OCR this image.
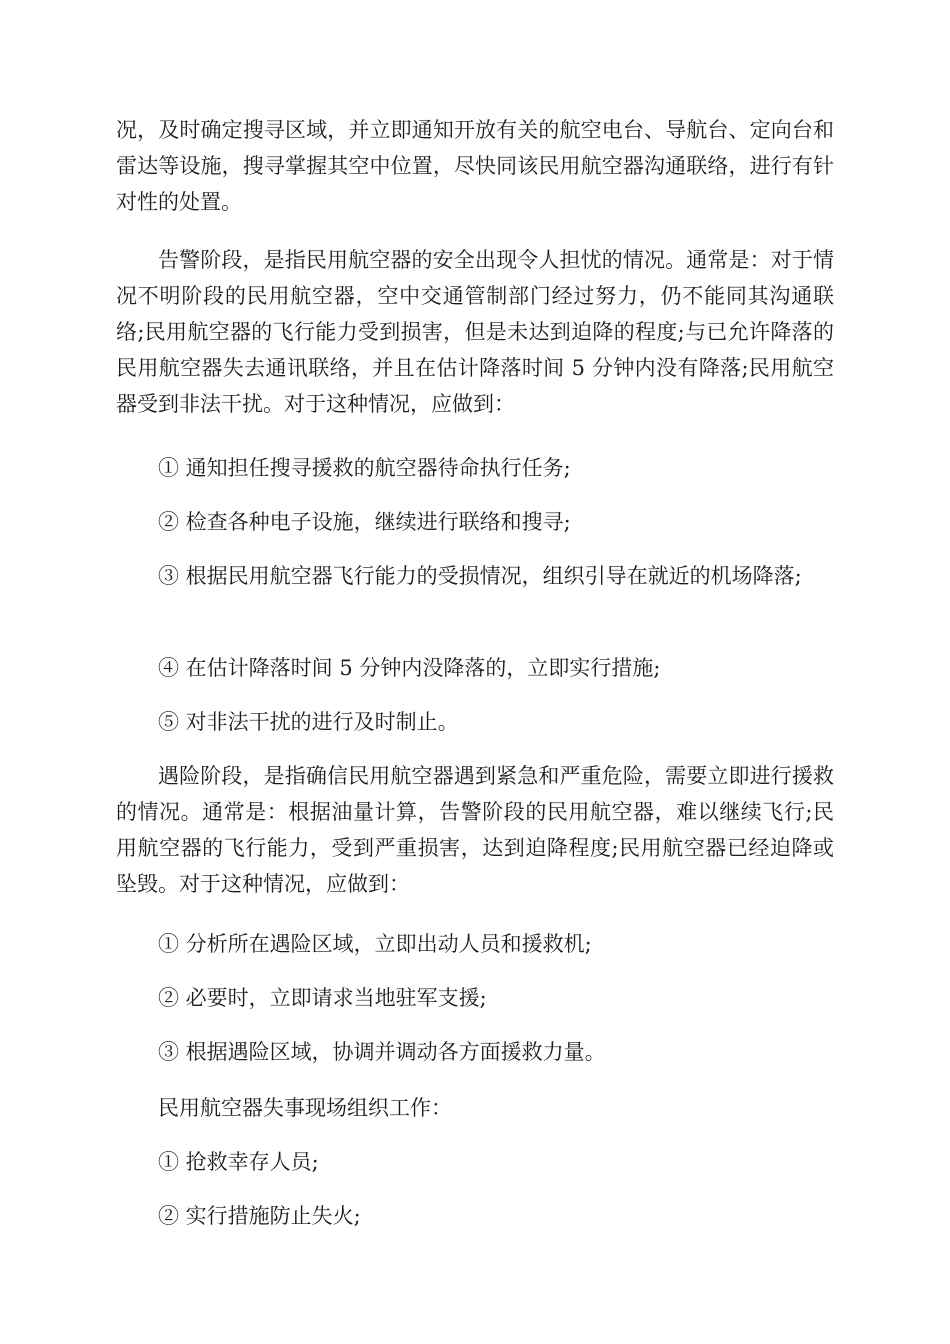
况，及时确定搜寻区域，并立即通知开放有关的航空电台、导航台、定向台和雷达等设施，搜寻掌握其空中位置，尽快同该民用航空器沟通联络，进行有针对性的处置。

告警阶段，是指民用航空器的安全出现令人担忧的情况。通常是：对于情况不明阶段的民用航空器，空中交通管制部门经过努力，仍不能同其沟通联络;民用航空器的飞行能力受到损害，但是未达到迫降的程度;与已允许降落的民用航空器失去通讯联络，并且在估计降落时间 5 分钟内没有降落;民用航空器受到非法干扰。对于这种情况，应做到：

① 通知担任搜寻援救的航空器待命执行任务;

② 检查各种电子设施，继续进行联络和搜寻;

③ 根据民用航空器飞行能力的受损情况，组织引导在就近的机场降落;

④ 在估计降落时间 5 分钟内没降落的，立即实行措施;

⑤ 对非法干扰的进行及时制止。

遇险阶段，是指确信民用航空器遇到紧急和严重危险，需要立即进行援救的情况。通常是：根据油量计算，告警阶段的民用航空器，难以继续飞行;民用航空器的飞行能力，受到严重损害，达到迫降程度;民用航空器已经迫降或坠毁。对于这种情况，应做到：

① 分析所在遇险区域，立即出动人员和援救机;

② 必要时，立即请求当地驻军支援;

③ 根据遇险区域，协调并调动各方面援救力量。

民用航空器失事现场组织工作：

① 抢救幸存人员;

② 实行措施防止失火;
